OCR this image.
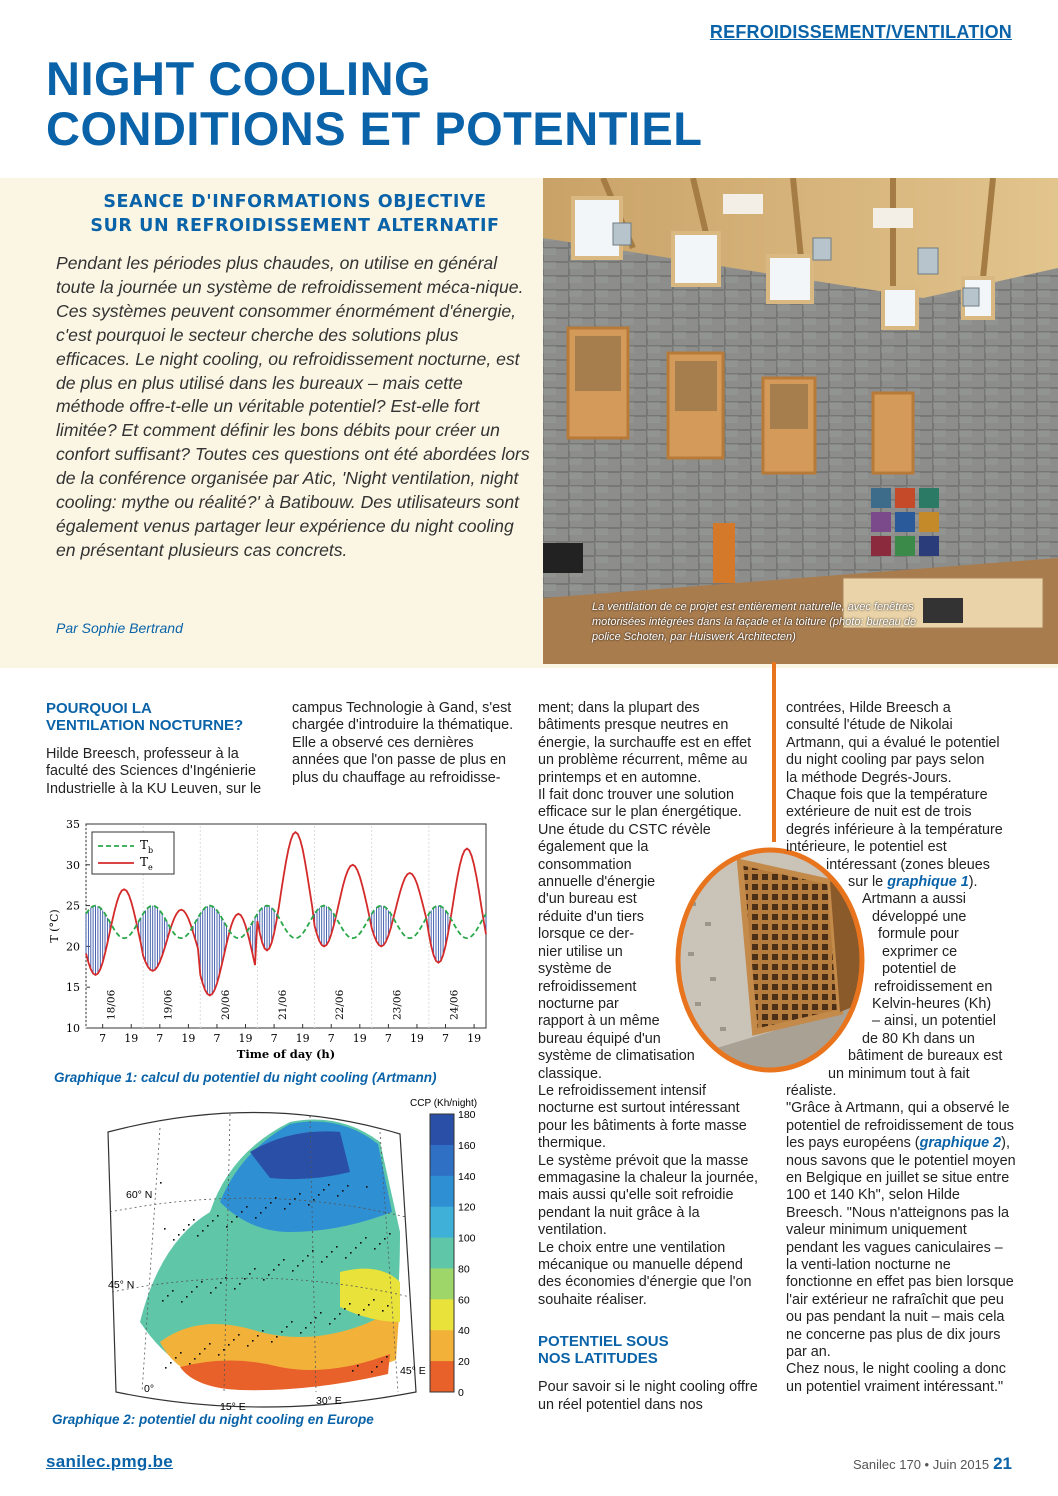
REFROIDISSEMENT/VENTILATION
NIGHT COOLING
CONDITIONS ET POTENTIEL
SEANCE D'INFORMATIONS OBJECTIVE
SUR UN REFROIDISSEMENT ALTERNATIF
Pendant les périodes plus chaudes, on utilise en général toute la journée un système de refroidissement méca-nique. Ces systèmes peuvent consommer énormément d'énergie, c'est pourquoi le secteur cherche des solutions plus efficaces. Le night cooling, ou refroidissement nocturne, est de plus en plus utilisé dans les bureaux – mais cette méthode offre-t-elle un véritable potentiel? Est-elle fort limitée? Et comment définir les bons débits pour créer un confort suffisant? Toutes ces questions ont été abordées lors de la conférence organisée par Atic, 'Night ventilation, night cooling: mythe ou réalité?' à Batibouw. Des utilisateurs sont également venus partager leur expérience du night cooling en présentant plusieurs cas concrets.
Par Sophie Bertrand
La ventilation de ce projet est entièrement naturelle, avec fenêtres motorisées intégrées dans la façade et la toiture (photo: bureau de police Schoten, par Huiswerk Architecten)
POURQUOI LA
VENTILATION NOCTURNE?

Hilde Breesch, professeur à la faculté des Sciences d'Ingénierie Industrielle à la KU Leuven, sur le

campus Technologie à Gand, s'est chargée d'introduire la thématique.

Elle a observé ces dernières années que l'on passe de plus en plus du chauffage au refroidisse-

35
30
25
20
15
10
7 19 7 19 7 19 7 19 7 19 7 19 7 19
18/06	19/06	20/06	21/06	22/06	23/06	24/06
T (°C)
Time of day (h)
T b
T e
Graphique 1: calcul du potentiel du night cooling (Artmann)
60° N
45° N
0°
15° E	30° E
45° E
CCP (Kh/night)
180
160
140
120
100
80
60
40
20
0
Graphique 2: potentiel du night cooling en Europe

ment; dans la plupart des bâtiments presque neutres en énergie, la surchauffe est en effet un problème récurrent, même au printemps et en automne.

Il fait donc trouver une solution efficace sur le plan énergétique.

Une étude du CSTC révèle
également que la
consommation
annuelle d'énergie
d'un bureau est
réduite d'un tiers
lorsque ce der-
nier utilise un
système de
refroidissement
nocturne par
rapport à un même
bureau équipé d'un
système de climatisation
classique.

Le refroidissement intensif nocturne est surtout intéressant pour les bâtiments à forte masse thermique.

Le système prévoit que la masse emmagasine la chaleur la journée, mais aussi qu'elle soit refroidie pendant la nuit grâce à la ventilation.

Le choix entre une ventilation mécanique ou manuelle dépend des économies d'énergie que l'on souhaite réaliser.

POTENTIEL SOUS
NOS LATITUDES

Pour savoir si le night cooling offre un réel potentiel dans nos

contrées, Hilde Breesch a
consulté l'étude de Nikolai
Artmann, qui a évalué le potentiel
du night cooling par pays selon
la méthode Degrés-Jours.
Chaque fois que la température
extérieure de nuit est de trois
degrés inférieure à la température
intérieure, le potentiel est
intéressant (zones bleues
sur le graphique 1).
Artmann a aussi
développé une
formule pour
exprimer ce
potentiel de
refroidissement en
Kelvin-heures (Kh)
– ainsi, un potentiel
de 80 Kh dans un
bâtiment de bureaux est
un minimum tout à fait
réaliste.

"Grâce à Artmann, qui a observé le potentiel de refroidissement de tous les pays européens (graphique 2), nous savons que le potentiel moyen en Belgique en juillet se situe entre 100 et 140 Kh", selon Hilde Breesch. "Nous n'atteignons pas la valeur minimum uniquement pendant les vagues caniculaires – la venti-lation nocturne ne fonctionne en effet pas bien lorsque l'air extérieur ne rafraîchit que peu ou pas pendant la nuit – mais cela ne concerne pas plus de dix jours par an.

Chez nous, le night cooling a donc un potentiel vraiment intéressant."

sanilec.pmg.be	Sanilec 170 • Juin 2015 21
